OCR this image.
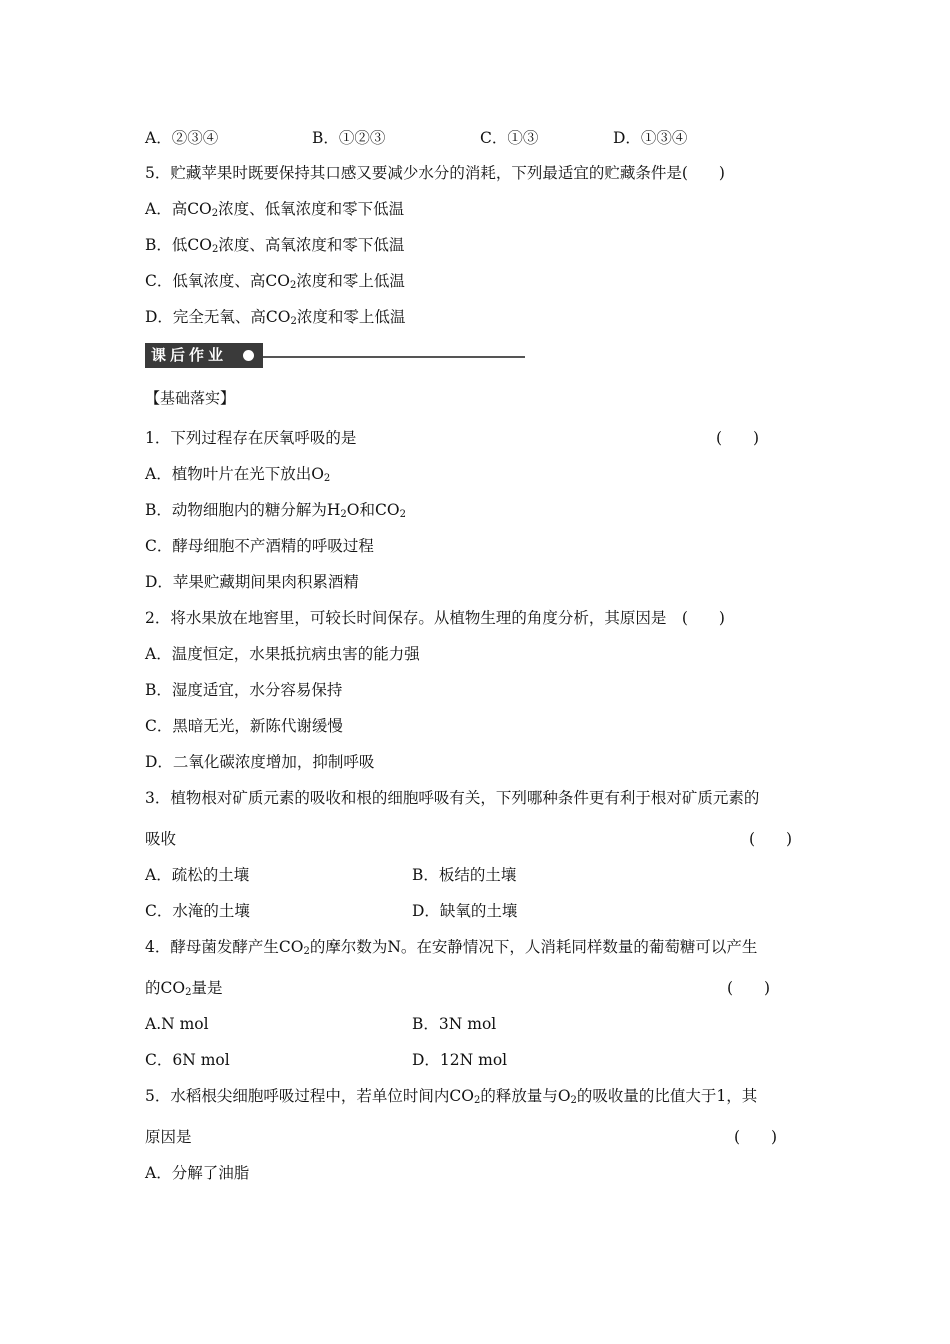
A．②③④	B．①②③	C．①③	D．①③④
5．贮藏苹果时既要保持其口感又要减少水分的消耗，下列最适宜的贮藏条件是(　　)
A．高$CO_2$浓度、低氧浓度和零下低温
B．低$CO_2$浓度、高氧浓度和零下低温
C．低氧浓度、高$CO_2$浓度和零上低温
D．完全无氧、高$CO_2$浓度和零上低温
课后作业
【基础落实】
1．下列过程存在厌氧呼吸的是	(　　)
A．植物叶片在光下放出$O_2$
B．动物细胞内的糖分解为$H_2O$和$CO_2$
C．酵母细胞不产酒精的呼吸过程
D．苹果贮藏期间果肉积累酒精
2．将水果放在地窖里，可较长时间保存。从植物生理的角度分析，其原因是　(　　)
A．温度恒定，水果抵抗病虫害的能力强
B．湿度适宜，水分容易保持
C．黑暗无光，新陈代谢缓慢
D．二氧化碳浓度增加，抑制呼吸
3．植物根对矿质元素的吸收和根的细胞呼吸有关，下列哪种条件更有利于根对矿质元素的
吸收	(　　)
A．疏松的土壤	B．板结的土壤
C．水淹的土壤	D．缺氧的土壤
4．酵母菌发酵产生$CO_2$的摩尔数为N。在安静情况下，人消耗同样数量的葡萄糖可以产生
的$CO_2$量是	(　　)
A.N mol	B．3N mol
C．6N mol	D．12N mol
5．水稻根尖细胞呼吸过程中，若单位时间内$CO_2$的释放量与$O_2$的吸收量的比值大于1，其
原因是	(　　)
A．分解了油脂
